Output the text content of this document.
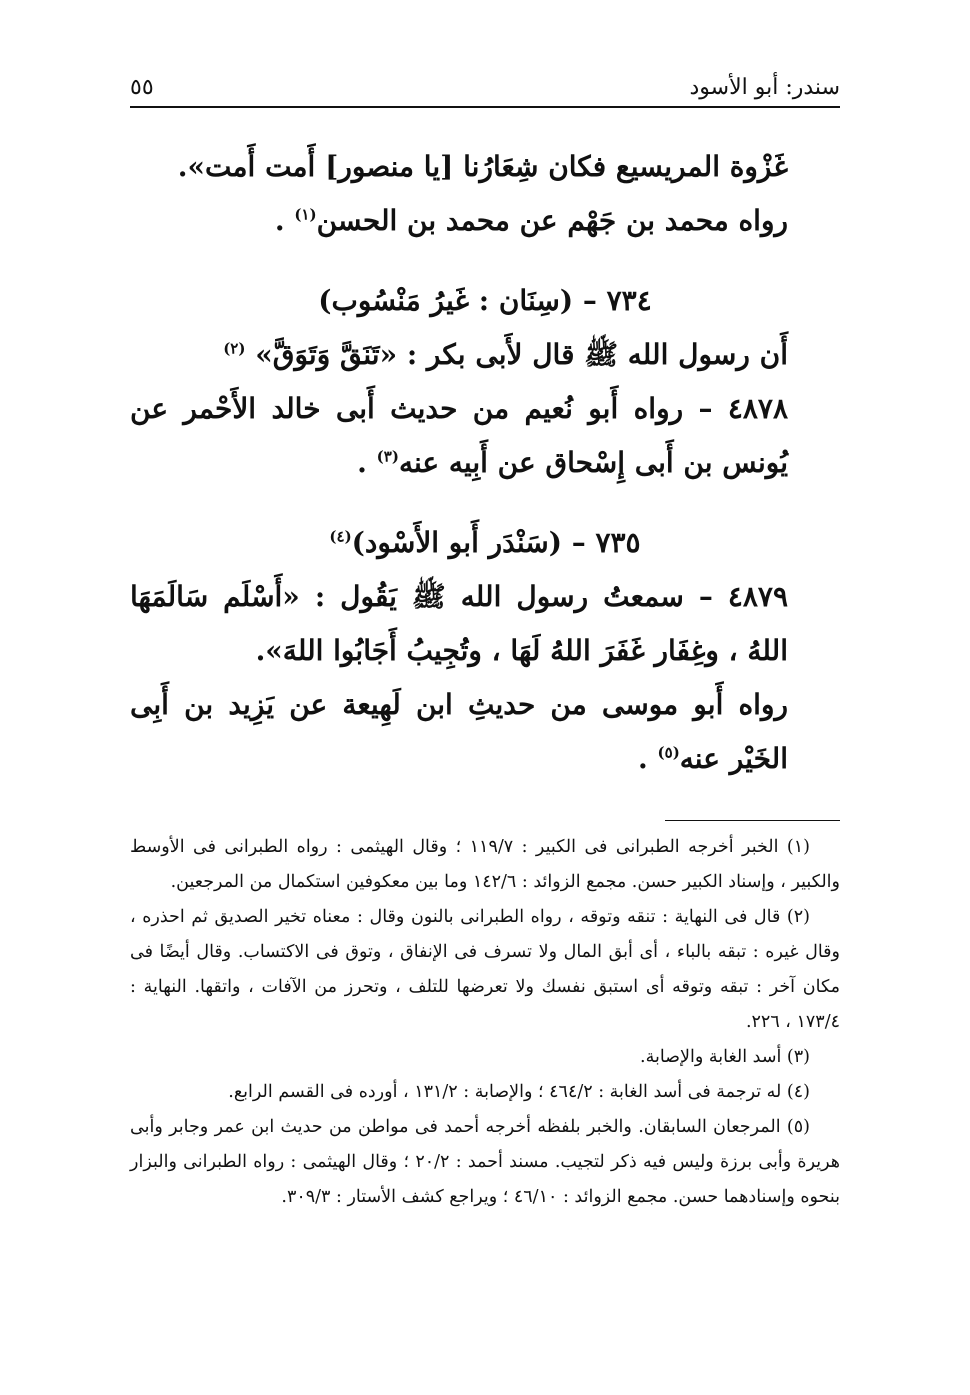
سندر: أبو الأسود
٥٥

غَزْوة المريسيع فكان شِعَارُنا [يا منصور] أَمت أَمت».

رواه محمد بن جَهْم عن محمد بن الحسن$^{(١)}$ .

٧٣٤ – (سِنَان : غَيرُ مَنْسُوب)

أَن رسول الله ﷺ قال لأَبى بكر : «تَنَقَّ وَتَوَقَّ» $^{(٢)}$

٤٨٧٨ – رواه أَبو نُعيم من حديث أَبى خالد الأَحْمر عن يُونس بن أَبى إِسْحاق عن أَبِيه عنه$^{(٣)}$ .

٧٣٥ – (سَنْدَر أَبو الأَسْود)$^{(٤)}$

٤٨٧٩ – سمعتُ رسول الله ﷺ يَقُول : «أَسْلَم سَالَمَهَا اللهُ ، وغِفَار غَفَرَ اللهُ لَهَا ، وتُجِيبُ أَجَابُوا اللهَ».

رواه أَبو موسى من حديثِ ابن لَهِيعة عن يَزِيد بن أَبِى الخَيْر عنه$^{(٥)}$ .

(١) الخبر أخرجه الطبرانى فى الكبير : ١١٩/٧ ؛ وقال الهيثمى : رواه الطبرانى فى الأوسط والكبير ، وإسناد الكبير حسن. مجمع الزوائد : ١٤٢/٦ وما بين معكوفين استكمال من المرجعين.

(٢) قال فى النهاية : تنقه وتوقه ، رواه الطبرانى بالنون وقال : معناه تخير الصديق ثم احذره ، وقال غيره : تبقه بالباء ، أى أبق المال ولا تسرف فى الإنفاق ، وتوق فى الاكتساب. وقال أيضًا فى مكان آخر : تبقه وتوقه أى استبق نفسك ولا تعرضها للتلف ، وتحرز من الآفات ، واتقها. النهاية : ١٧٣/٤ ، ٢٢٦.

(٣) أسد الغابة والإصابة.

(٤) له ترجمة فى أسد الغابة : ٤٦٤/٢ ؛ والإصابة : ١٣١/٢ ، أورده فى القسم الرابع.

(٥) المرجعان السابقان. والخبر بلفظه أخرجه أحمد فى مواطن من حديث ابن عمر وجابر وأبى هريرة وأبى برزة وليس فيه ذكر لتجيب. مسند أحمد : ٢٠/٢ ؛ وقال الهيثمى : رواه الطبرانى والبزار بنحوه وإسنادهما حسن. مجمع الزوائد : ٤٦/١٠ ؛ ويراجع كشف الأستار : ٣٠٩/٣.
